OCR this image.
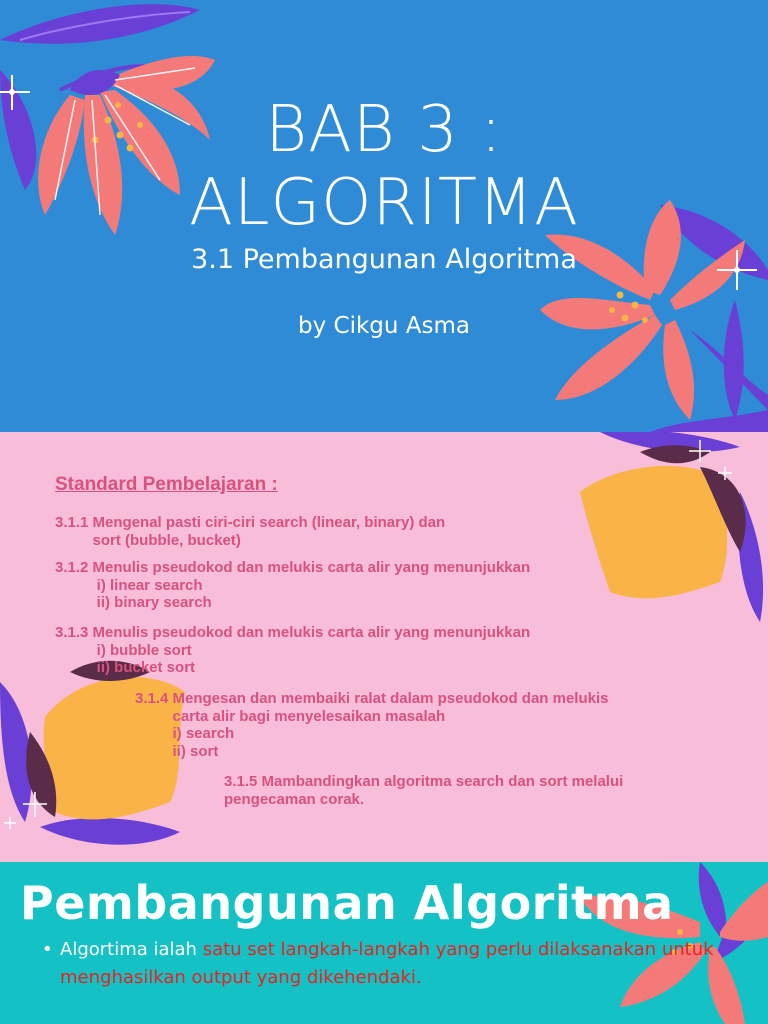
BAB 3 :
ALGORITMA
3.1 Pembangunan Algoritma
by Cikgu Asma
Standard Pembelajaran :
3.1.1 Mengenal pasti ciri-ciri search (linear, binary) dan
sort (bubble, bucket)
3.1.2 Menulis pseudokod dan melukis carta alir yang menunjukkan
i) linear search
ii) binary search
3.1.3 Menulis pseudokod dan melukis carta alir yang menunjukkan
i) bubble sort
ii) bucket sort
3.1.4 Mengesan dan membaiki ralat dalam pseudokod dan melukis
carta alir bagi menyelesaikan masalah
i) search
ii) sort
3.1.5 Mambandingkan algoritma search dan sort melalui
pengecaman corak.
Pembangunan Algoritma
• Algortima ialah satu set langkah-langkah yang perlu dilaksanakan untuk menghasilkan output yang dikehendaki.
